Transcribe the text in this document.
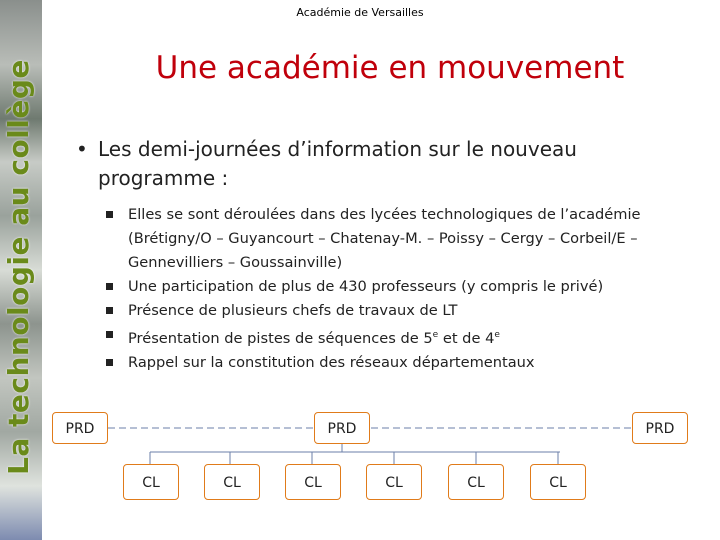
La technologie au collège
Académie de Versailles
Une académie en mouvement
• Les demi-journées d’information sur le nouveau programme :
Elles se sont déroulées dans des lycées technologiques de l’académie (Brétigny/O – Guyancourt – Chatenay-M. – Poissy – Cergy – Corbeil/E – Gennevilliers – Goussainville)
Une participation de plus de 430 professeurs (y compris le privé)
Présence de plusieurs chefs de travaux de LT
Présentation de pistes de séquences de 5e et de 4e
Rappel sur la constitution des réseaux départementaux
PRD	PRD	PRD
CL	CL	CL	CL	CL	CL
